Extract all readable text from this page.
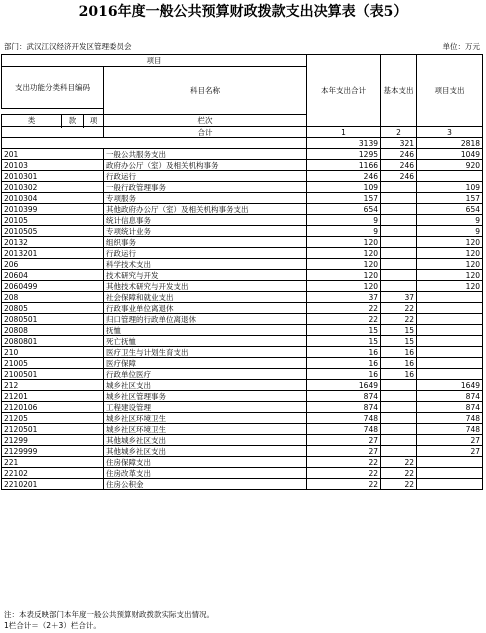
2016年度一般公共预算财政拨款支出决算表（表5）
部门：武汉江汉经济开发区管理委员会	单位：万元
项目				本年支出合计	基本支出	项目支出
支出功能分类科目编码			科目名称			

类	款	项	栏次			

			合计	1	2	3
				3139	321	2818
201			一般公共服务支出	1295	246	1049
20103			政府办公厅（室）及相关机构事务	1166	246	920
2010301			行政运行	246	246	
2010302			一般行政管理事务	109		109
2010304			专项服务	157		157
2010399			其他政府办公厅（室）及相关机构事务支出	654		654
20105			统计信息事务	9		9
2010505			专项统计业务	9		9
20132			组织事务	120		120
2013201			行政运行	120		120
206			科学技术支出	120		120
20604			技术研究与开发	120		120
2060499			其他技术研究与开发支出	120		120
208			社会保障和就业支出	37	37	
20805			行政事业单位离退休	22	22	
2080501			归口管理的行政单位离退休	22	22	
20808			抚恤	15	15	
2080801			死亡抚恤	15	15	
210			医疗卫生与计划生育支出	16	16	
21005			医疗保障	16	16	
2100501			行政单位医疗	16	16	
212			城乡社区支出	1649		1649
21201			城乡社区管理事务	874		874
2120106			工程建设管理	874		874
21205			城乡社区环境卫生	748		748
2120501			城乡社区环境卫生	748		748
21299			其他城乡社区支出	27		27
2129999			其他城乡社区支出	27		27
221			住房保障支出	22	22	
22102			住房改革支出	22	22	
2210201			住房公积金	22	22	
注：本表反映部门本年度一般公共预算财政拨款实际支出情况。
1栏合计＝（2＋3）栏合计。
